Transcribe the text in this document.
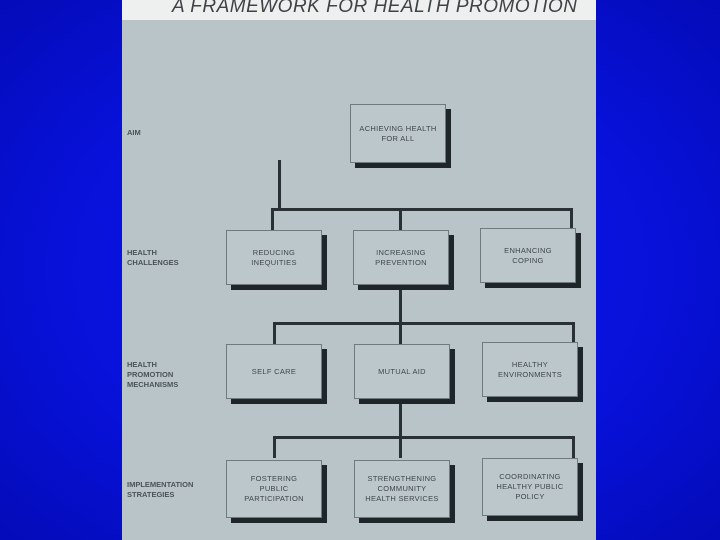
A FRAMEWORK FOR HEALTH PROMOTION
AIM
HEALTH
CHALLENGES
HEALTH
PROMOTION
MECHANISMS
IMPLEMENTATION
STRATEGIES
ACHIEVING HEALTH
FOR ALL
REDUCING
INEQUITIES
INCREASING
PREVENTION
ENHANCING
COPING
SELF CARE	MUTUAL AID
HEALTHY
ENVIRONMENTS
FOSTERING
PUBLIC
PARTICIPATION
STRENGTHENING
COMMUNITY
HEALTH SERVICES
COORDINATING
HEALTHY PUBLIC
POLICY
